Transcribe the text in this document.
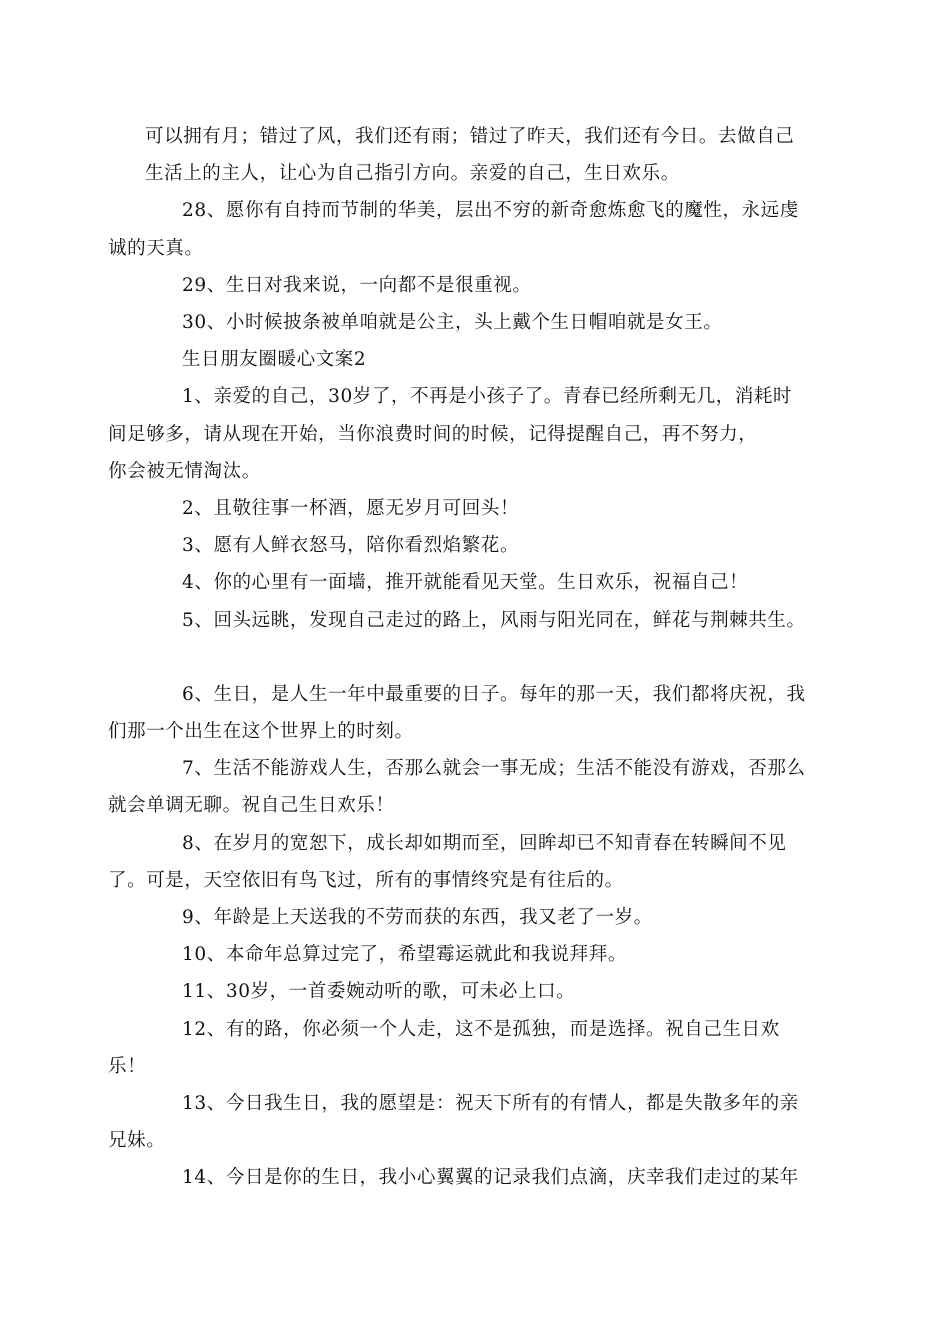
可以拥有月；错过了风，我们还有雨；错过了昨天，我们还有今日。去做自己
生活上的主人，让心为自己指引方向。亲爱的自己，生日欢乐。
28、愿你有自持而节制的华美，层出不穷的新奇愈炼愈飞的魔性，永远虔
诚的天真。
29、生日对我来说，一向都不是很重视。
30、小时候披条被单咱就是公主，头上戴个生日帽咱就是女王。
生日朋友圈暖心文案2
1、亲爱的自己，30岁了，不再是小孩子了。青春已经所剩无几，消耗时
间足够多，请从现在开始，当你浪费时间的时候，记得提醒自己，再不努力，
你会被无情淘汰。
2、且敬往事一杯酒，愿无岁月可回头！
3、愿有人鲜衣怒马，陪你看烈焰繁花。
4、你的心里有一面墙，推开就能看见天堂。生日欢乐，祝福自己！
5、回头远眺，发现自己走过的路上，风雨与阳光同在，鲜花与荆棘共生。
6、生日，是人生一年中最重要的日子。每年的那一天，我们都将庆祝，我
们那一个出生在这个世界上的时刻。
7、生活不能游戏人生，否那么就会一事无成；生活不能没有游戏，否那么
就会单调无聊。祝自己生日欢乐！
8、在岁月的宽恕下，成长却如期而至，回眸却已不知青春在转瞬间不见
了。可是，天空依旧有鸟飞过，所有的事情终究是有往后的。
9、年龄是上天送我的不劳而获的东西，我又老了一岁。
10、本命年总算过完了，希望霉运就此和我说拜拜。
11、30岁，一首委婉动听的歌，可未必上口。
12、有的路，你必须一个人走，这不是孤独，而是选择。祝自己生日欢
乐！
13、今日我生日，我的愿望是：祝天下所有的有情人，都是失散多年的亲
兄妹。
14、今日是你的生日，我小心翼翼的记录我们点滴，庆幸我们走过的某年
